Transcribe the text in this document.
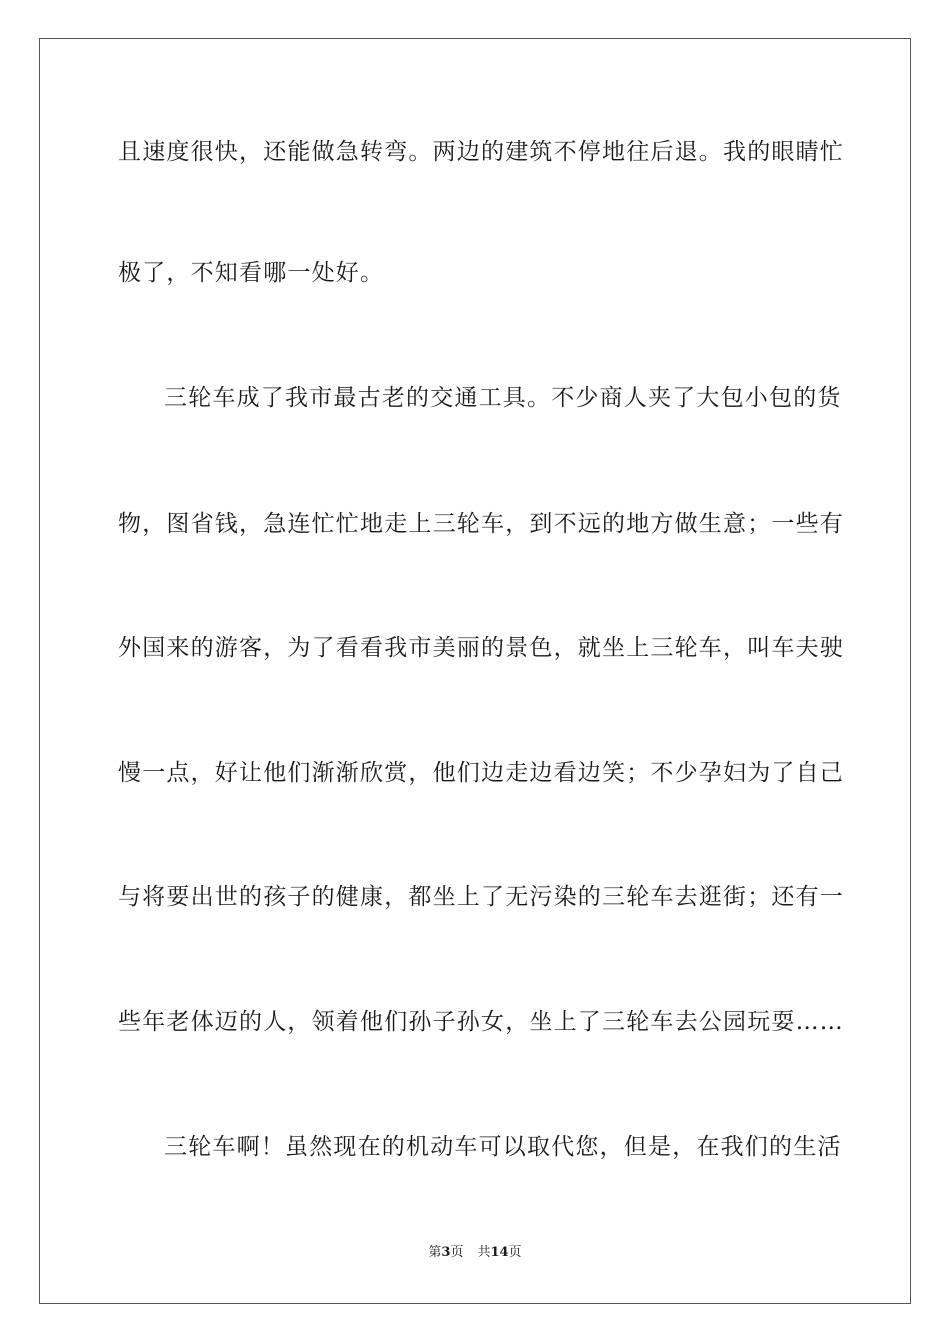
且速度很快，还能做急转弯。两边的建筑不停地往后退。我的眼睛忙
极了，不知看哪一处好。
三轮车成了我市最古老的交通工具。不少商人夹了大包小包的货
物，图省钱，急连忙忙地走上三轮车，到不远的地方做生意；一些有
外国来的游客，为了看看我市美丽的景色，就坐上三轮车，叫车夫驶
慢一点，好让他们渐渐欣赏，他们边走边看边笑；不少孕妇为了自己
与将要出世的孩子的健康，都坐上了无污染的三轮车去逛街；还有一
些年老体迈的人，领着他们孙子孙女，坐上了三轮车去公园玩耍……
三轮车啊！虽然现在的机动车可以取代您，但是，在我们的生活
第3页 共14页
